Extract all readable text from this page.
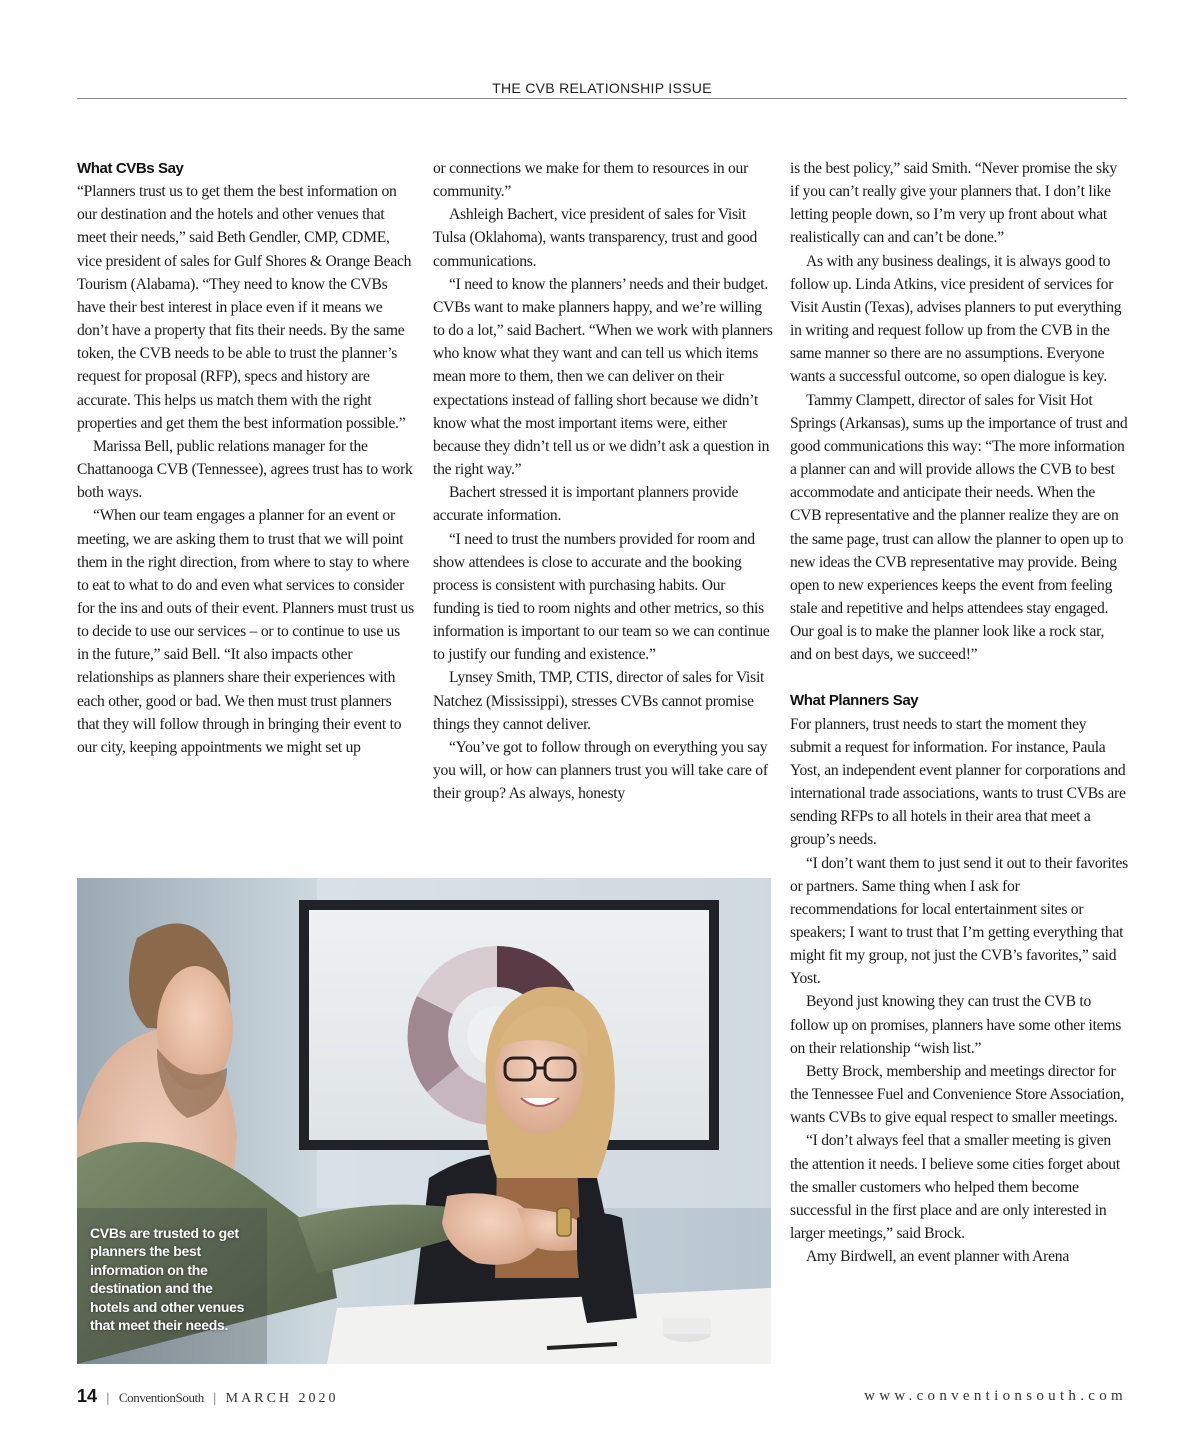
THE CVB RELATIONSHIP ISSUE
What CVBs Say

“Planners trust us to get them the best information on our destination and the hotels and other venues that meet their needs,” said Beth Gendler, CMP, CDME, vice president of sales for Gulf Shores & Orange Beach Tourism (Alabama). “They need to know the CVBs have their best interest in place even if it means we don’t have a property that fits their needs. By the same token, the CVB needs to be able to trust the planner’s request for proposal (RFP), specs and history are accurate. This helps us match them with the right properties and get them the best information possible.”

Marissa Bell, public relations manager for the Chattanooga CVB (Tennessee), agrees trust has to work both ways.

“When our team engages a planner for an event or meeting, we are asking them to trust that we will point them in the right direction, from where to stay to where to eat to what to do and even what services to consider for the ins and outs of their event. Planners must trust us to decide to use our services – or to continue to use us in the future,” said Bell. “It also impacts other relationships as planners share their experiences with each other, good or bad. We then must trust planners that they will follow through in bringing their event to our city, keeping appointments we might set up

or connections we make for them to resources in our community.”

Ashleigh Bachert, vice president of sales for Visit Tulsa (Oklahoma), wants transparency, trust and good communications.

“I need to know the planners’ needs and their budget. CVBs want to make planners happy, and we’re willing to do a lot,” said Bachert. “When we work with planners who know what they want and can tell us which items mean more to them, then we can deliver on their expectations instead of falling short because we didn’t know what the most important items were, either because they didn’t tell us or we didn’t ask a question in the right way.”

Bachert stressed it is important planners provide accurate information.

“I need to trust the numbers provided for room and show attendees is close to accurate and the booking process is consistent with purchasing habits. Our funding is tied to room nights and other metrics, so this information is important to our team so we can continue to justify our funding and existence.”

Lynsey Smith, TMP, CTIS, director of sales for Visit Natchez (Mississippi), stresses CVBs cannot promise things they cannot deliver.

“You’ve got to follow through on everything you say you will, or how can planners trust you will take care of their group? As always, honesty

is the best policy,” said Smith. “Never promise the sky if you can’t really give your planners that. I don’t like letting people down, so I’m very up front about what realistically can and can’t be done.”

As with any business dealings, it is always good to follow up. Linda Atkins, vice president of services for Visit Austin (Texas), advises planners to put everything in writing and request follow up from the CVB in the same manner so there are no assumptions. Everyone wants a successful outcome, so open dialogue is key.

Tammy Clampett, director of sales for Visit Hot Springs (Arkansas), sums up the importance of trust and good communications this way: “The more information a planner can and will provide allows the CVB to best accommodate and anticipate their needs. When the CVB representative and the planner realize they are on the same page, trust can allow the planner to open up to new ideas the CVB representative may provide. Being open to new experiences keeps the event from feeling stale and repetitive and helps attendees stay engaged. Our goal is to make the planner look like a rock star, and on best days, we succeed!”

What Planners Say

For planners, trust needs to start the moment they submit a request for information. For instance, Paula Yost, an independent event planner for corporations and international trade associations, wants to trust CVBs are sending RFPs to all hotels in their area that meet a group’s needs.

“I don’t want them to just send it out to their favorites or partners. Same thing when I ask for recommendations for local entertainment sites or speakers; I want to trust that I’m getting everything that might fit my group, not just the CVB’s favorites,” said Yost.

Beyond just knowing they can trust the CVB to follow up on promises, planners have some other items on their relationship “wish list.”

Betty Brock, membership and meetings director for the Tennessee Fuel and Convenience Store Association, wants CVBs to give equal respect to smaller meetings.

“I don’t always feel that a smaller meeting is given the attention it needs. I believe some cities forget about the smaller customers who helped them become successful in the first place and are only interested in larger meetings,” said Brock.

Amy Birdwell, an event planner with Arena

CVBs are trusted to get planners the best information on the destination and the hotels and other venues that meet their needs.
14 | ConventionSouth | MARCH 2020	www.conventionsouth.com
